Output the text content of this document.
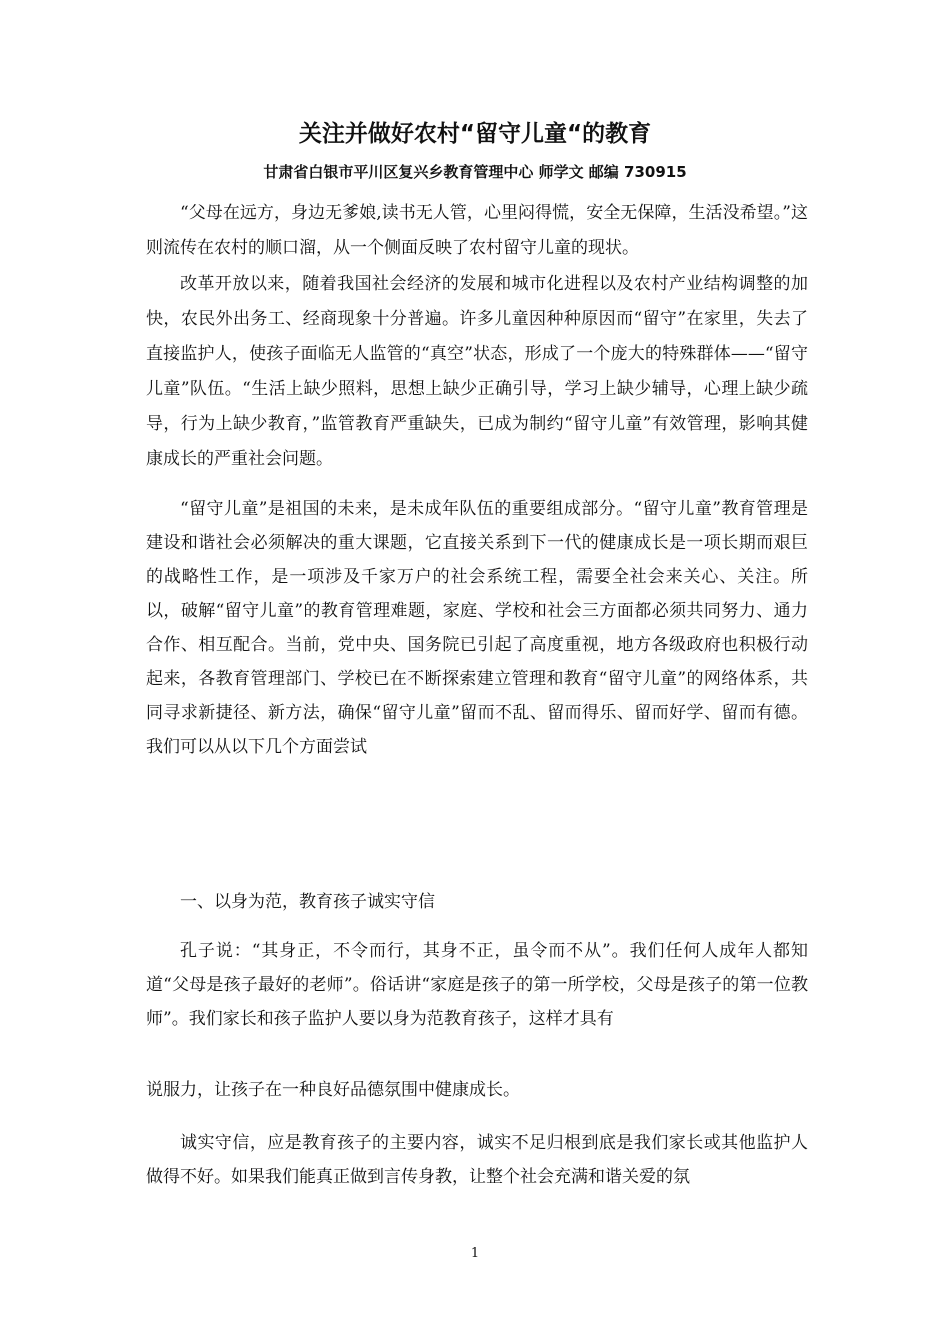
关注并做好农村“留守儿童“的教育
甘肃省白银市平川区复兴乡教育管理中心 师学文 邮编 730915

“父母在远方，身边无爹娘,读书无人管，心里闷得慌，安全无保障，生活没希望。”这则流传在农村的顺口溜，从一个侧面反映了农村留守儿童的现状。

改革开放以来，随着我国社会经济的发展和城市化进程以及农村产业结构调整的加快，农民外出务工、经商现象十分普遍。许多儿童因种种原因而“留守”在家里，失去了直接监护人，使孩子面临无人监管的“真空”状态，形成了一个庞大的特殊群体——“留守儿童”队伍。“生活上缺少照料，思想上缺少正确引导，学习上缺少辅导，心理上缺少疏导，行为上缺少教育，”监管教育严重缺失，已成为制约“留守儿童”有效管理，影响其健康成长的严重社会问题。

“留守儿童”是祖国的未来，是未成年队伍的重要组成部分。“留守儿童”教育管理是建设和谐社会必须解决的重大课题，它直接关系到下一代的健康成长是一项长期而艰巨的战略性工作，是一项涉及千家万户的社会系统工程，需要全社会来关心、关注。所以，破解“留守儿童”的教育管理难题，家庭、学校和社会三方面都必须共同努力、通力合作、相互配合。当前，党中央、国务院已引起了高度重视，地方各级政府也积极行动起来，各教育管理部门、学校已在不断探索建立管理和教育“留守儿童”的网络体系，共同寻求新捷径、新方法，确保“留守儿童”留而不乱、留而得乐、留而好学、留而有德。我们可以从以下几个方面尝试

一、以身为范，教育孩子诚实守信

孔子说：“其身正，不令而行，其身不正，虽令而不从”。我们任何人成年人都知道“父母是孩子最好的老师”。俗话讲“家庭是孩子的第一所学校，父母是孩子的第一位教师”。我们家长和孩子监护人要以身为范教育孩子，这样才具有

说服力，让孩子在一种良好品德氛围中健康成长。

诚实守信，应是教育孩子的主要内容，诚实不足归根到底是我们家长或其他监护人做得不好。如果我们能真正做到言传身教，让整个社会充满和谐关爱的氛

1
